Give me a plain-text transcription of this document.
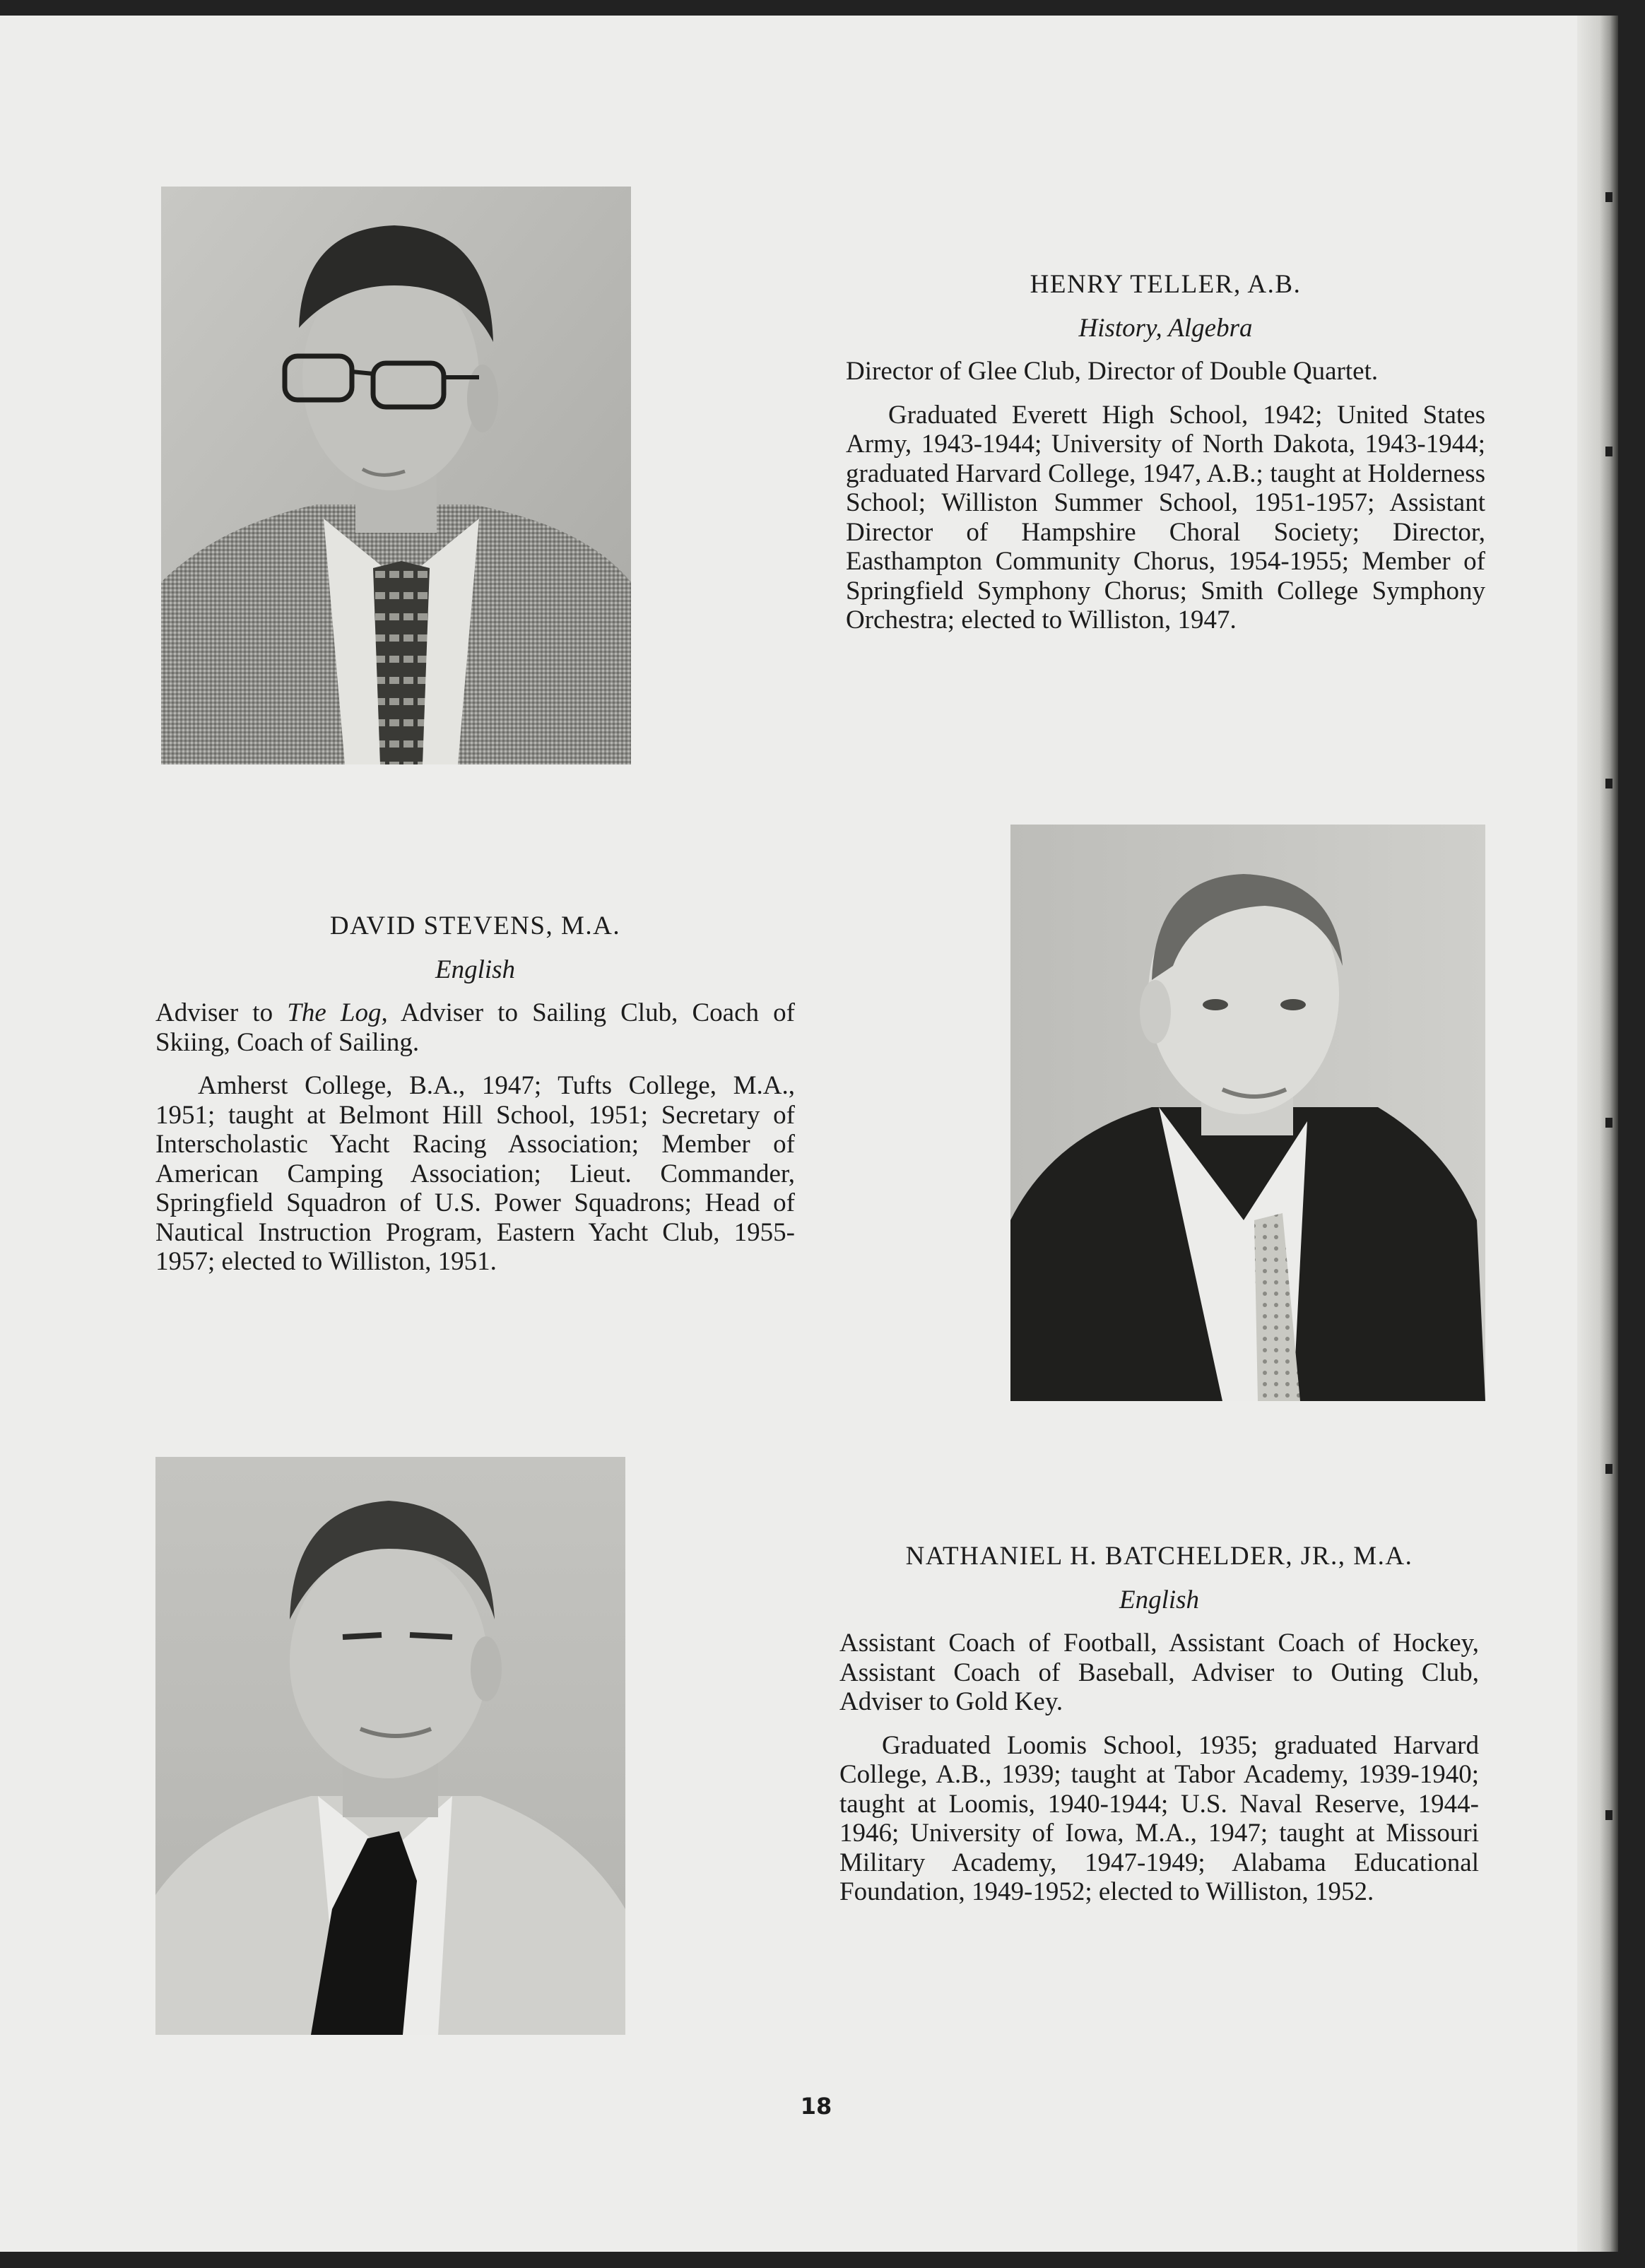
HENRY TELLER, A.B.

History, Algebra

Director of Glee Club, Director of Double Quartet.

Graduated Everett High School, 1942; United States Army, 1943-1944; University of North Dakota, 1943-1944; graduated Harvard College, 1947, A.B.; taught at Holderness School; Williston Summer School, 1951-1957; Assistant Director of Hampshire Choral Society; Director, Easthampton Community Chorus, 1954-1955; Member of Springfield Symphony Chorus; Smith College Symphony Orchestra; elected to Williston, 1947.

DAVID STEVENS, M.A.

English

Adviser to The Log, Adviser to Sailing Club, Coach of Skiing, Coach of Sailing.

Amherst College, B.A., 1947; Tufts College, M.A., 1951; taught at Belmont Hill School, 1951; Secretary of Interscholastic Yacht Racing Association; Member of American Camping Association; Lieut. Commander, Springfield Squadron of U.S. Power Squadrons; Head of Nautical Instruction Program, Eastern Yacht Club, 1955-1957; elected to Williston, 1951.

NATHANIEL H. BATCHELDER, JR., M.A.

English

Assistant Coach of Football, Assistant Coach of Hockey, Assistant Coach of Baseball, Adviser to Outing Club, Adviser to Gold Key.

Graduated Loomis School, 1935; graduated Harvard College, A.B., 1939; taught at Tabor Academy, 1939-1940; taught at Loomis, 1940-1944; U.S. Naval Reserve, 1944-1946; University of Iowa, M.A., 1947; taught at Missouri Military Academy, 1947-1949; Alabama Educational Foundation, 1949-1952; elected to Williston, 1952.

18
